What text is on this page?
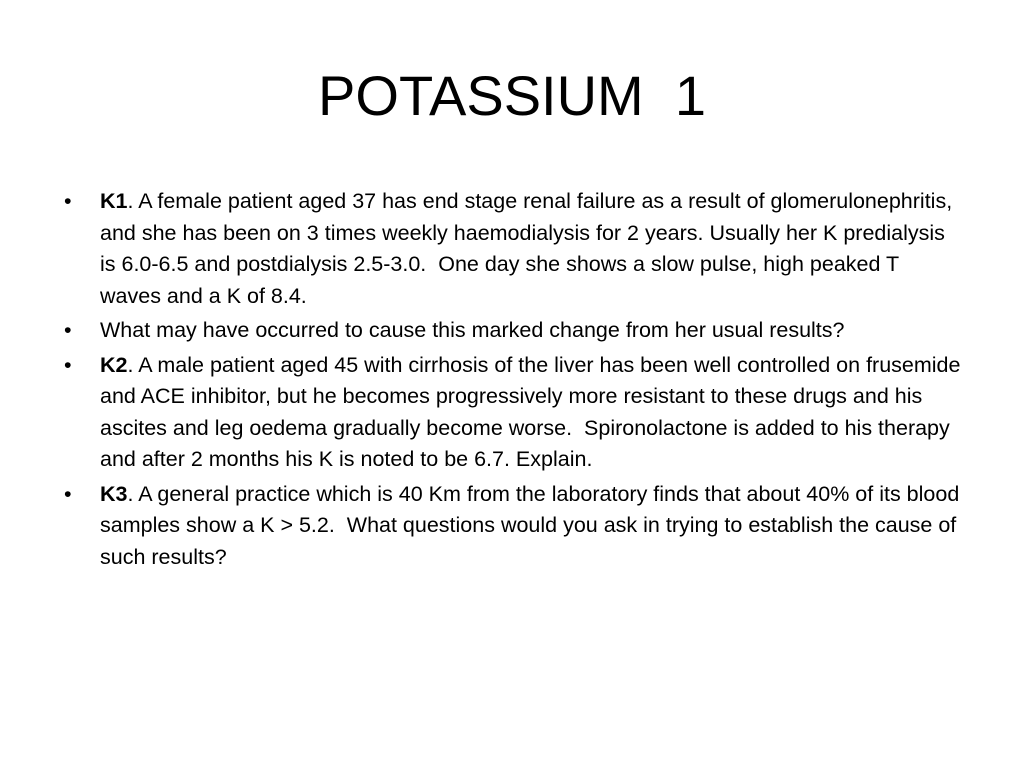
POTASSIUM  1
•	K1. A female patient aged 37 has end stage renal failure as a result of glomerulonephritis, and she has been on 3 times weekly haemodialysis for 2 years. Usually her K predialysis is 6.0-6.5 and postdialysis 2.5-3.0.  One day she shows a slow pulse, high peaked T waves and a K of 8.4.
•	What may have occurred to cause this marked change from her usual results?
•	K2. A male patient aged 45 with cirrhosis of the liver has been well controlled on frusemide and ACE inhibitor, but he becomes progressively more resistant to these drugs and his ascites and leg oedema gradually become worse.  Spironolactone is added to his therapy and after 2 months his K is noted to be 6.7. Explain.
•	K3. A general practice which is 40 Km from the laboratory finds that about 40% of its blood samples show a K > 5.2.  What questions would you ask in trying to establish the cause of such results?
